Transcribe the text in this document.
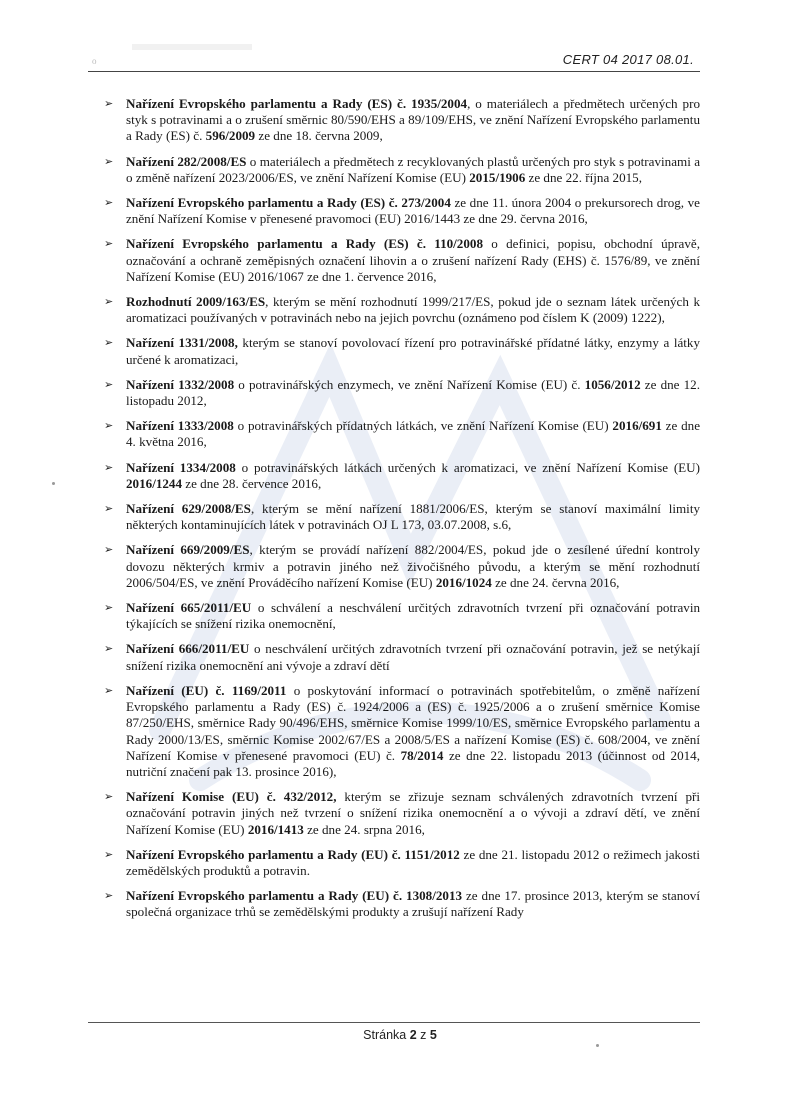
o	CERT 04 2017 08.01.
➢ Nařízení Evropského parlamentu a Rady (ES) č. 1935/2004, o materiálech a předmětech určených pro styk s potravinami a o zrušení směrnic 80/590/EHS a 89/109/EHS, ve znění Nařízení Evropského parlamentu a Rady (ES) č. 596/2009 ze dne 18. června 2009,
➢ Nařízení 282/2008/ES o materiálech a předmětech z recyklovaných plastů určených pro styk s potravinami a o změně nařízení 2023/2006/ES, ve znění Nařízení Komise (EU) 2015/1906 ze dne 22. října 2015,
➢ Nařízení Evropského parlamentu a Rady (ES) č. 273/2004 ze dne 11. února 2004 o prekursorech drog, ve znění Nařízení Komise v přenesené pravomoci (EU) 2016/1443 ze dne 29. června 2016,
➢ Nařízení Evropského parlamentu a Rady (ES) č. 110/2008 o definici, popisu, obchodní úpravě, označování a ochraně zeměpisných označení lihovin a o zrušení nařízení Rady (EHS) č. 1576/89, ve znění Nařízení Komise (EU) 2016/1067 ze dne 1. července 2016,
➢ Rozhodnutí 2009/163/ES, kterým se mění rozhodnutí 1999/217/ES, pokud jde o seznam látek určených k aromatizaci používaných v potravinách nebo na jejich povrchu (oznámeno pod číslem K (2009) 1222),
➢ Nařízení 1331/2008, kterým se stanoví povolovací řízení pro potravinářské přídatné látky, enzymy a látky určené k aromatizaci,
➢ Nařízení 1332/2008 o potravinářských enzymech, ve znění Nařízení Komise (EU) č. 1056/2012 ze dne 12. listopadu 2012,
➢ Nařízení 1333/2008 o potravinářských přídatných látkách, ve znění Nařízení Komise (EU) 2016/691 ze dne 4. května 2016,
➢ Nařízení 1334/2008 o potravinářských látkách určených k aromatizaci, ve znění Nařízení Komise (EU) 2016/1244 ze dne 28. července 2016,
➢ Nařízení 629/2008/ES, kterým se mění nařízení 1881/2006/ES, kterým se stanoví maximální limity některých kontaminujících látek v potravinách OJ L 173, 03.07.2008, s.6,
➢ Nařízení 669/2009/ES, kterým se provádí nařízení 882/2004/ES, pokud jde o zesílené úřední kontroly dovozu některých krmiv a potravin jiného než živočišného původu, a kterým se mění rozhodnutí 2006/504/ES, ve znění Prováděcího nařízení Komise (EU) 2016/1024 ze dne 24. června 2016,
➢ Nařízení 665/2011/EU o schválení a neschválení určitých zdravotních tvrzení při označování potravin týkajících se snížení rizika onemocnění,
➢ Nařízení 666/2011/EU o neschválení určitých zdravotních tvrzení při označování potravin, jež se netýkají snížení rizika onemocnění ani vývoje a zdraví dětí
➢ Nařízení (EU) č. 1169/2011 o poskytování informací o potravinách spotřebitelům, o změně nařízení Evropského parlamentu a Rady (ES) č. 1924/2006 a (ES) č. 1925/2006 a o zrušení směrnice Komise 87/250/EHS, směrnice Rady 90/496/EHS, směrnice Komise 1999/10/ES, směrnice Evropského parlamentu a Rady 2000/13/ES, směrnic Komise 2002/67/ES a 2008/5/ES a nařízení Komise (ES) č. 608/2004, ve znění Nařízení Komise v přenesené pravomoci (EU) č. 78/2014 ze dne 22. listopadu 2013 (účinnost od 2014, nutriční značení pak 13. prosince 2016),
➢ Nařízení Komise (EU) č. 432/2012, kterým se zřizuje seznam schválených zdravotních tvrzení při označování potravin jiných než tvrzení o snížení rizika onemocnění a o vývoji a zdraví dětí, ve znění Nařízení Komise (EU) 2016/1413 ze dne 24. srpna 2016,
➢ Nařízení Evropského parlamentu a Rady (EU) č. 1151/2012 ze dne 21. listopadu 2012 o režimech jakosti zemědělských produktů a potravin.
➢ Nařízení Evropského parlamentu a Rady (EU) č. 1308/2013 ze dne 17. prosince 2013, kterým se stanoví společná organizace trhů se zemědělskými produkty a zrušují nařízení Rady
Stránka 2 z 5
